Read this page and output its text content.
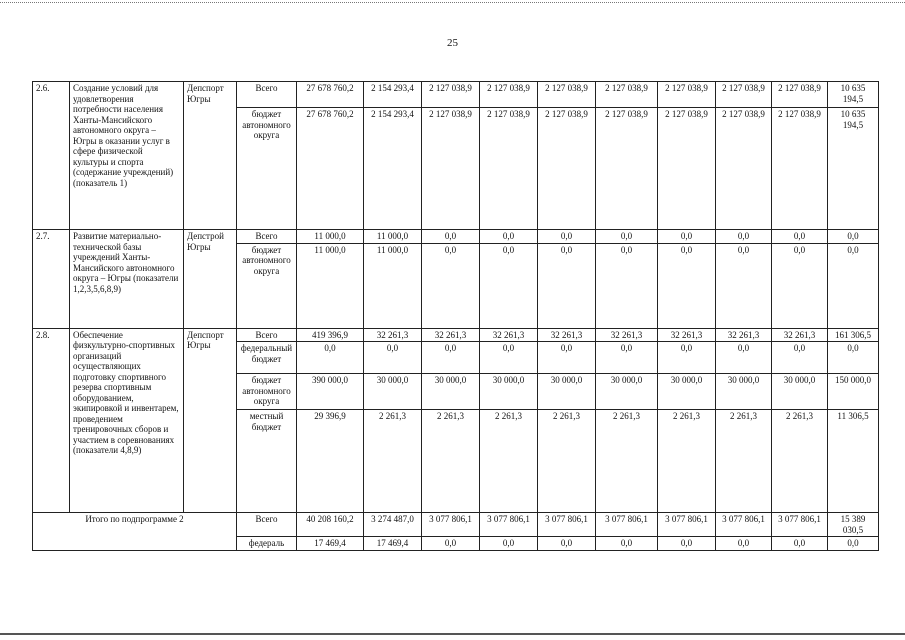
25
2.6.	Создание условий для удовлетворения потребности населения Ханты-Мансийского автономного округа – Югры в оказании услуг в сфере физической культуры и спорта (содержание учреждений) (показатель 1)	Депспорт Югры	Всего	27 678 760,2	2 154 293,4	2 127 038,9	2 127 038,9	2 127 038,9	2 127 038,9	2 127 038,9	2 127 038,9	2 127 038,9	10 635 194,5
			бюджет автономного округа	27 678 760,2	2 154 293,4	2 127 038,9	2 127 038,9	2 127 038,9	2 127 038,9	2 127 038,9	2 127 038,9	2 127 038,9	10 635 194,5
2.7.	Развитие материально-технической базы учреждений Ханты-Мансийского автономного округа – Югры (показатели 1,2,3,5,6,8,9)	Депстрой Югры	Всего	11 000,0	11 000,0	0,0	0,0	0,0	0,0	0,0	0,0	0,0	0,0
			бюджет автономного округа	11 000,0	11 000,0	0,0	0,0	0,0	0,0	0,0	0,0	0,0	0,0
2.8.	Обеспечение физкультурно-спортивных организаций осуществляющих подготовку спортивного резерва спортивным оборудованием, экипировкой и инвентарем, проведением тренировочных сборов и участием в соревнованиях (показатели 4,8,9)	Депспорт Югры	Всего	419 396,9	32 261,3	32 261,3	32 261,3	32 261,3	32 261,3	32 261,3	32 261,3	32 261,3	161 306,5
			федеральный бюджет	0,0	0,0	0,0	0,0	0,0	0,0	0,0	0,0	0,0	0,0
			бюджет автономного округа	390 000,0	30 000,0	30 000,0	30 000,0	30 000,0	30 000,0	30 000,0	30 000,0	30 000,0	150 000,0
			местный бюджет	29 396,9	2 261,3	2 261,3	2 261,3	2 261,3	2 261,3	2 261,3	2 261,3	2 261,3	11 306,5
Итого по подпрограмме 2			Всего	40 208 160,2	3 274 487,0	3 077 806,1	3 077 806,1	3 077 806,1	3 077 806,1	3 077 806,1	3 077 806,1	3 077 806,1	15 389 030,5
			федераль	17 469,4	17 469,4	0,0	0,0	0,0	0,0	0,0	0,0	0,0	0,0
